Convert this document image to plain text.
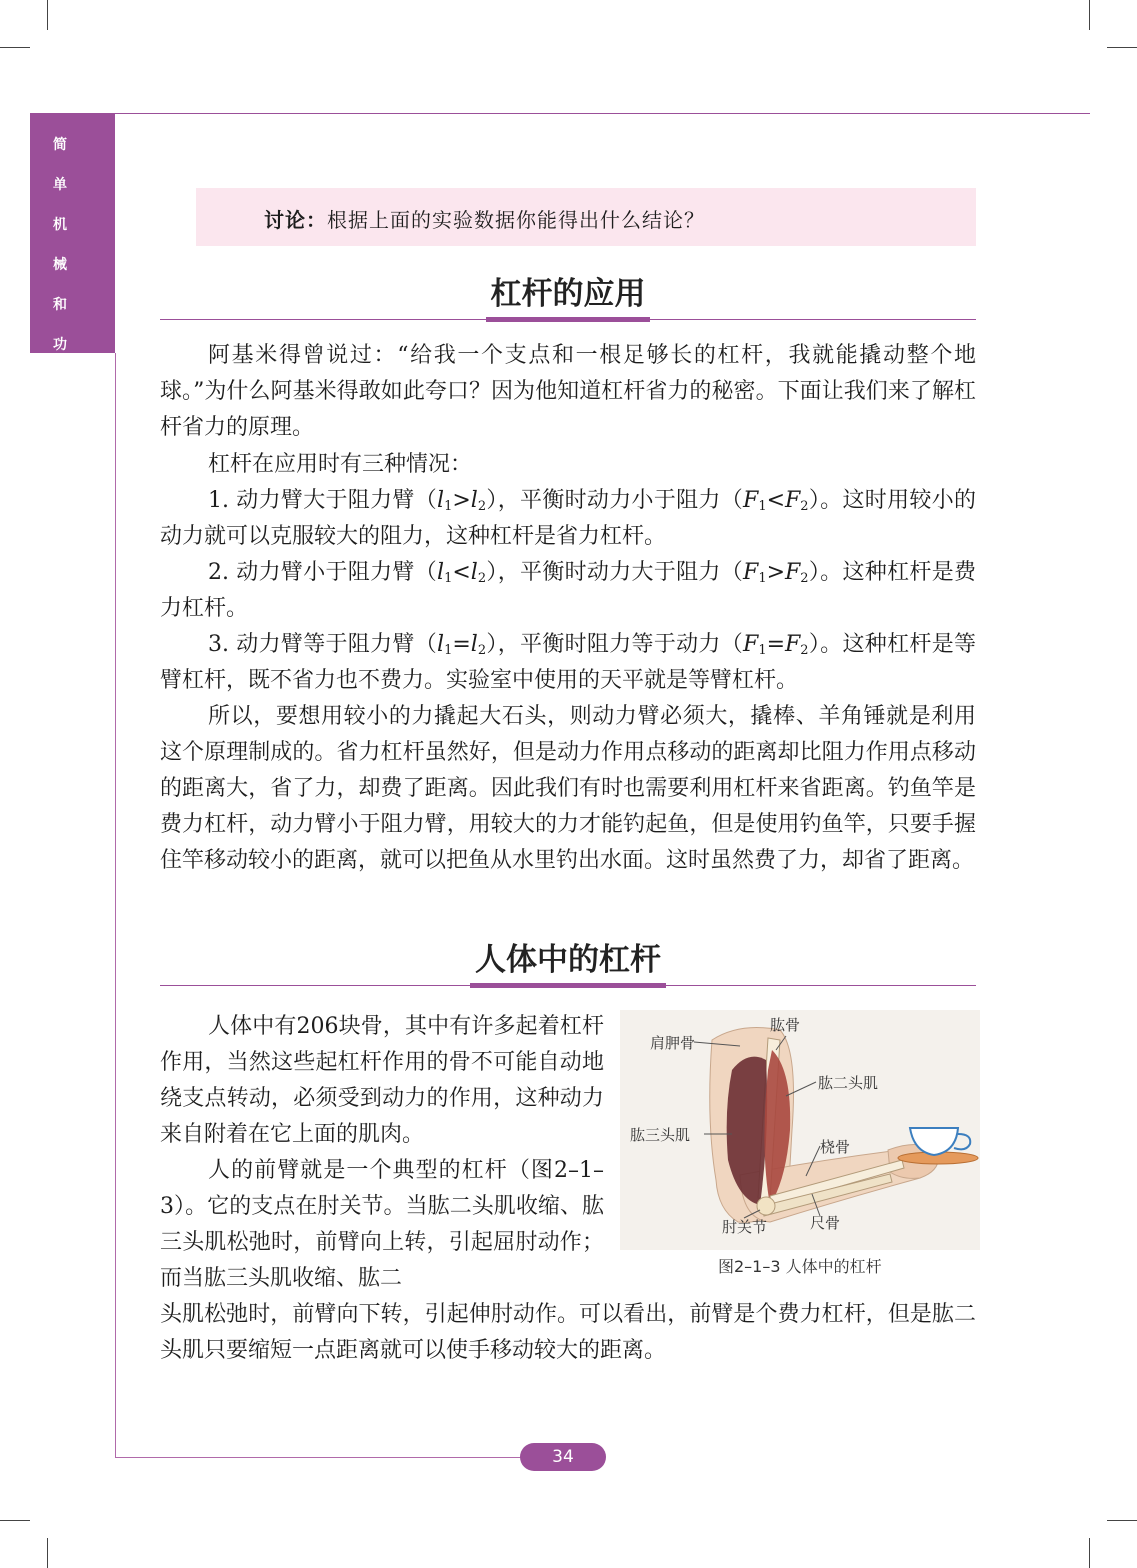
简
单
机
械
和
功

讨论：根据上面的实验数据你能得出什么结论？

杠杆的应用

阿基米得曾说过：“给我一个支点和一根足够长的杠杆，我就能撬动整个地球。”为什么阿基米得敢如此夸口？因为他知道杠杆省力的秘密。下面让我们来了解杠杆省力的原理。

杠杆在应用时有三种情况：

1. 动力臂大于阻力臂$(l_1>l_2)$，平衡时动力小于阻力$(F_1<F_2)$。这时用较小的动力就可以克服较大的阻力，这种杠杆是省力杠杆。

2. 动力臂小于阻力臂$(l_1<l_2)$，平衡时动力大于阻力$(F_1>F_2)$。这种杠杆是费力杠杆。

3. 动力臂等于阻力臂$(l_1=l_2)$，平衡时阻力等于动力$(F_1=F_2)$。这种杠杆是等臂杠杆，既不省力也不费力。实验室中使用的天平就是等臂杠杆。

所以，要想用较小的力撬起大石头，则动力臂必须大，撬棒、羊角锤就是利用这个原理制成的。省力杠杆虽然好，但是动力作用点移动的距离却比阻力作用点移动的距离大，省了力，却费了距离。因此我们有时也需要利用杠杆来省距离。钓鱼竿是费力杠杆，动力臂小于阻力臂，用较大的力才能钓起鱼，但是使用钓鱼竿，只要手握住竿移动较小的距离，就可以把鱼从水里钓出水面。这时虽然费了力，却省了距离。

人体中的杠杆

人体中有206块骨，其中有许多起着杠杆作用，当然这些起杠杆作用的骨不可能自动地绕支点转动，必须受到动力的作用，这种动力来自附着在它上面的肌肉。

人的前臂就是一个典型的杠杆（图2–1–3）。它的支点在肘关节。当肱二头肌收缩、肱三头肌松弛时，前臂向上转，引起屈肘动作；而当肱三头肌收缩、肱二

头肌松弛时，前臂向下转，引起伸肘动作。可以看出，前臂是个费力杠杆，但是肱二头肌只要缩短一点距离就可以使手移动较大的距离。

肱骨
肩胛骨
肱二头肌
肱三头肌
桡骨
肘关节	尺骨
图2–1–3 人体中的杠杆
34
